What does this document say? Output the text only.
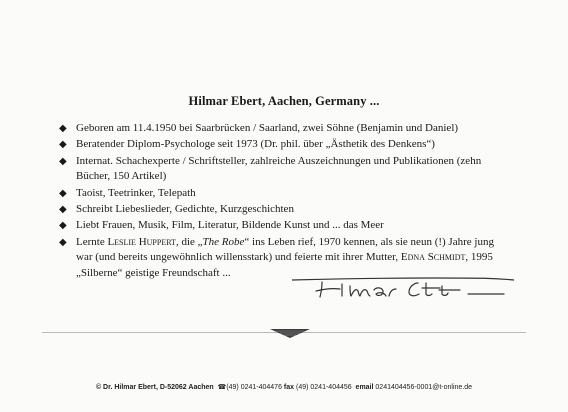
Hilmar Ebert, Aachen, Germany ...
◆ Geboren am 11.4.1950 bei Saarbrücken / Saarland, zwei Söhne (Benjamin und Daniel)
◆ Beratender Diplom-Psychologe seit 1973 (Dr. phil. über „Ästhetik des Denkens“)
◆ Internat. Schachexperte / Schriftsteller, zahlreiche Auszeichnungen und Publikationen (zehn Bücher, 150 Artikel)
◆ Taoist, Teetrinker, Telepath
◆ Schreibt Liebeslieder, Gedichte, Kurzgeschichten
◆ Liebt Frauen, Musik, Film, Literatur, Bildende Kunst und ... das Meer
◆ Lernte Leslie Huppert, die „The Robe“ ins Leben rief, 1970 kennen, als sie neun (!) Jahre jung war (und bereits ungewöhnlich willensstark) und feierte mit ihrer Mutter, Edna Schmidt, 1995 „Silberne“ geistige Freundschaft ...
© Dr. Hilmar Ebert, D-52062 Aachen ☎(49) 0241-404476 fax (49) 0241-404456 email 0241404456-0001@t-online.de
